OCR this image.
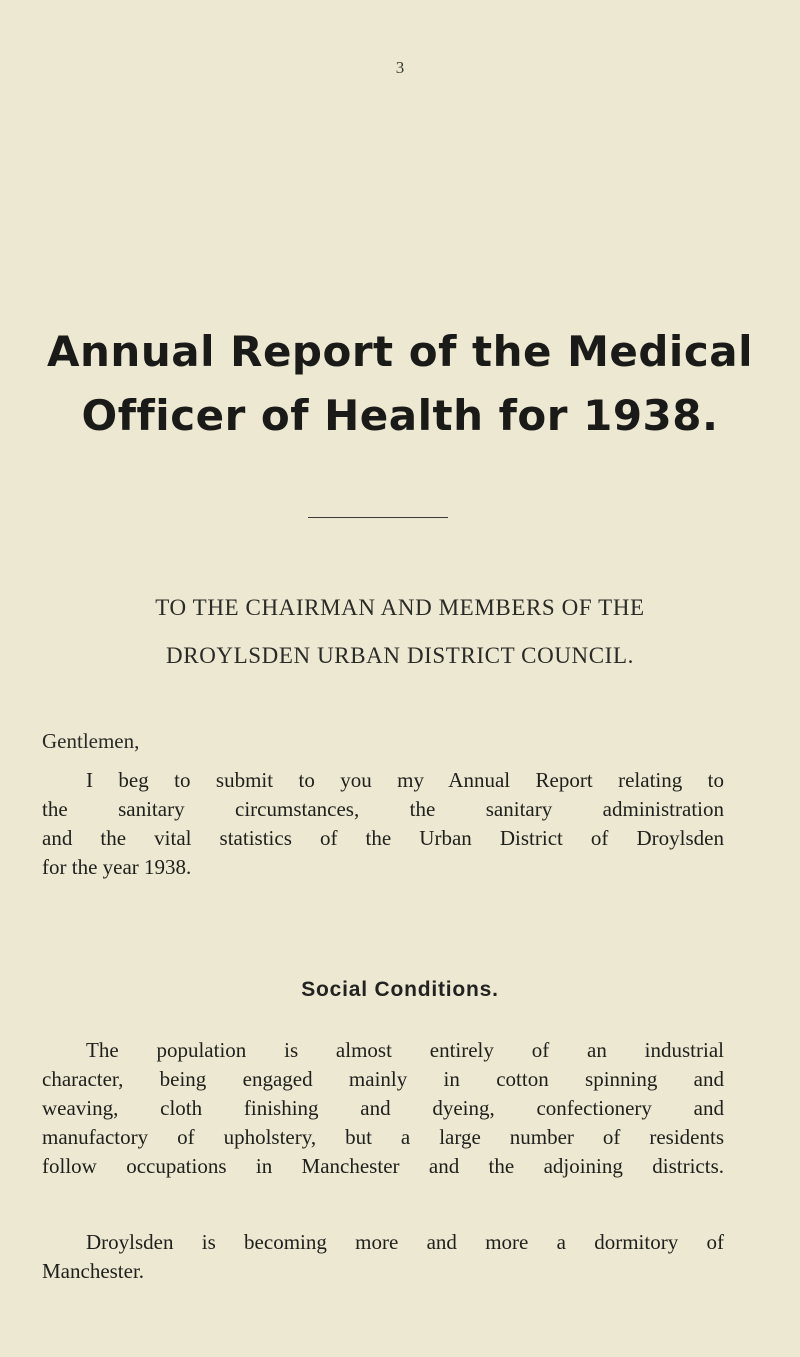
3
Annual Report of the Medical
Officer of Health for 1938.
TO THE CHAIRMAN AND MEMBERS OF THE
DROYLSDEN URBAN DISTRICT COUNCIL.
Gentlemen,
I beg to submit to you my Annual Report relating to
the sanitary circumstances, the sanitary administration
and the vital statistics of the Urban District of Droylsden
for the year 1938.
Social Conditions.
The population is almost entirely of an industrial
character, being engaged mainly in cotton spinning and
weaving, cloth finishing and dyeing, confectionery and
manufactory of upholstery, but a large number of residents
follow occupations in Manchester and the adjoining districts.
Droylsden is becoming more and more a dormitory of
Manchester.
